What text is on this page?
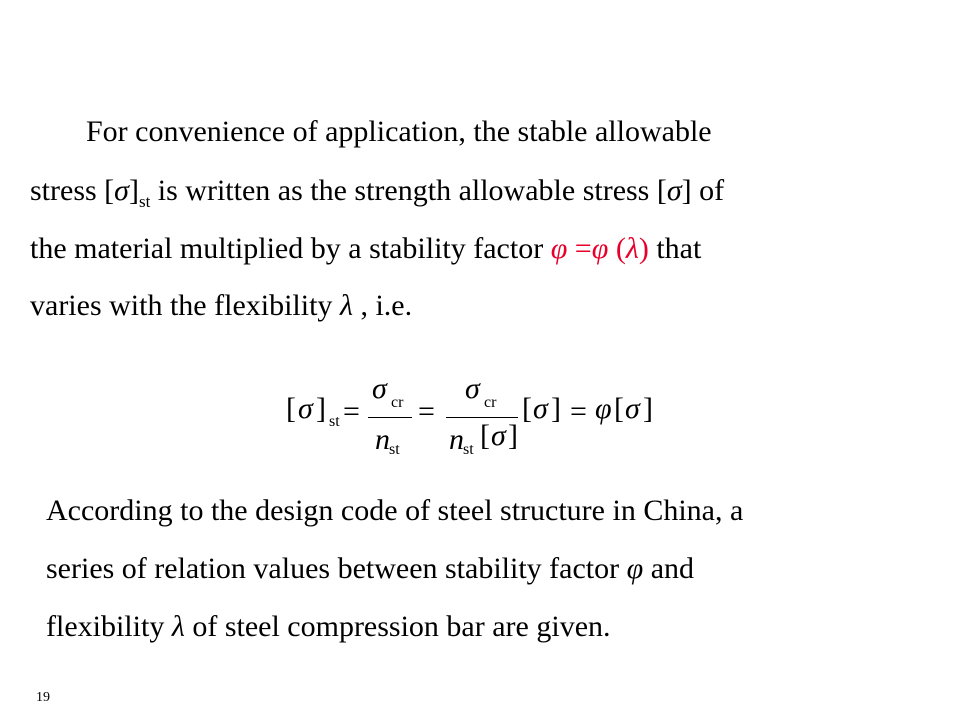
For convenience of application, the stable allowable
stress $[\sigma]_{st}$ is written as the strength allowable stress [σ] of
the material multiplied by a stability factor φ =φ (λ) that
varies with the flexibility λ , i.e.
[ σ ] st =
σ cr
n st
=
σ cr
n st [ σ ]
[ σ ] = φ [ σ ]
According to the design code of steel structure in China, a
series of relation values between stability factor φ and
flexibility λ of steel compression bar are given.
19
